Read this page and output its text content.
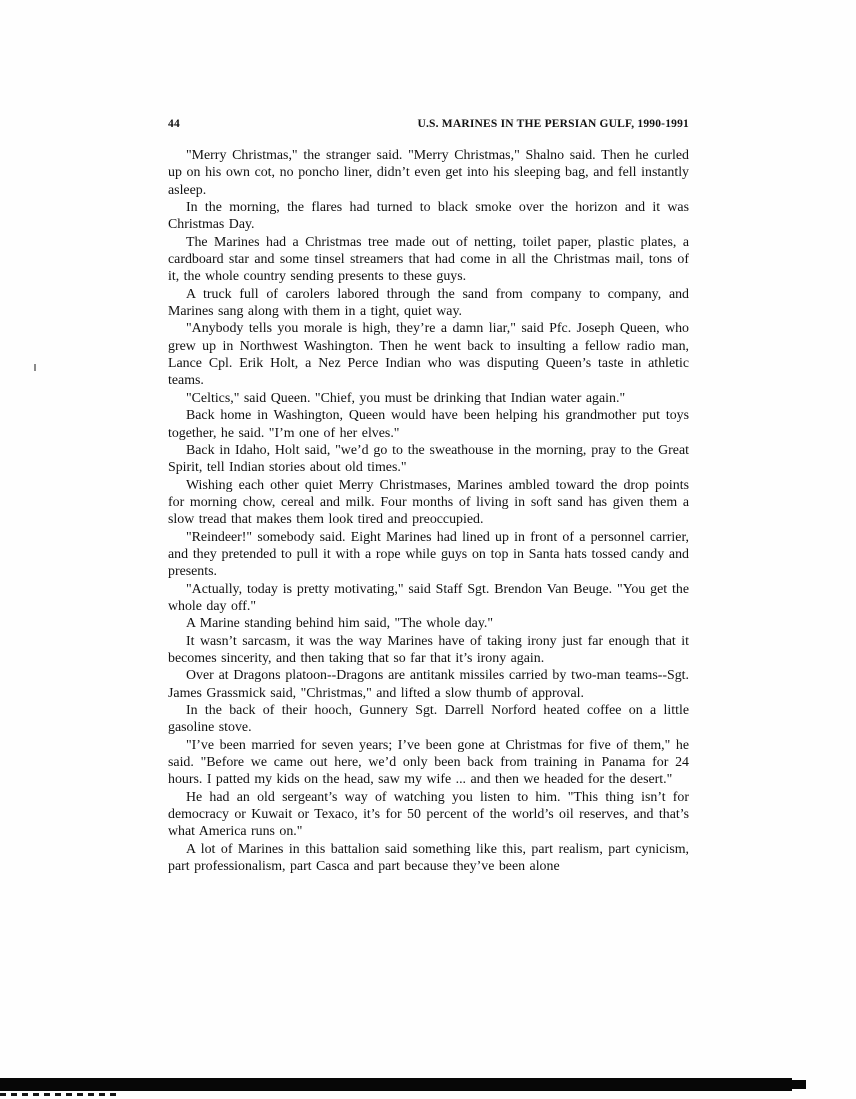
44	U.S. MARINES IN THE PERSIAN GULF, 1990-1991

"Merry Christmas," the stranger said. "Merry Christmas," Shalno said. Then he curled up on his own cot, no poncho liner, didn’t even get into his sleeping bag, and fell instantly asleep.

In the morning, the flares had turned to black smoke over the horizon and it was Christmas Day.

The Marines had a Christmas tree made out of netting, toilet paper, plastic plates, a cardboard star and some tinsel streamers that had come in all the Christmas mail, tons of it, the whole country sending presents to these guys.

A truck full of carolers labored through the sand from company to company, and Marines sang along with them in a tight, quiet way.

"Anybody tells you morale is high, they’re a damn liar," said Pfc. Joseph Queen, who grew up in Northwest Washington. Then he went back to insulting a fellow radio man, Lance Cpl. Erik Holt, a Nez Perce Indian who was disputing Queen’s taste in athletic teams.

"Celtics," said Queen. "Chief, you must be drinking that Indian water again."

Back home in Washington, Queen would have been helping his grandmother put toys together, he said. "I’m one of her elves."

Back in Idaho, Holt said, "we’d go to the sweathouse in the morning, pray to the Great Spirit, tell Indian stories about old times."

Wishing each other quiet Merry Christmases, Marines ambled toward the drop points for morning chow, cereal and milk. Four months of living in soft sand has given them a slow tread that makes them look tired and preoccupied.

"Reindeer!" somebody said. Eight Marines had lined up in front of a personnel carrier, and they pretended to pull it with a rope while guys on top in Santa hats tossed candy and presents.

"Actually, today is pretty motivating," said Staff Sgt. Brendon Van Beuge. "You get the whole day off."

A Marine standing behind him said, "The whole day."

It wasn’t sarcasm, it was the way Marines have of taking irony just far enough that it becomes sincerity, and then taking that so far that it’s irony again.

Over at Dragons platoon--Dragons are antitank missiles carried by two-man teams--Sgt. James Grassmick said, "Christmas," and lifted a slow thumb of approval.

In the back of their hooch, Gunnery Sgt. Darrell Norford heated coffee on a little gasoline stove.

"I’ve been married for seven years; I’ve been gone at Christmas for five of them," he said. "Before we came out here, we’d only been back from training in Panama for 24 hours. I patted my kids on the head, saw my wife ... and then we headed for the desert."

He had an old sergeant’s way of watching you listen to him. "This thing isn’t for democracy or Kuwait or Texaco, it’s for 50 percent of the world’s oil reserves, and that’s what America runs on."

A lot of Marines in this battalion said something like this, part realism, part cynicism, part professionalism, part Casca and part because they’ve been alone
